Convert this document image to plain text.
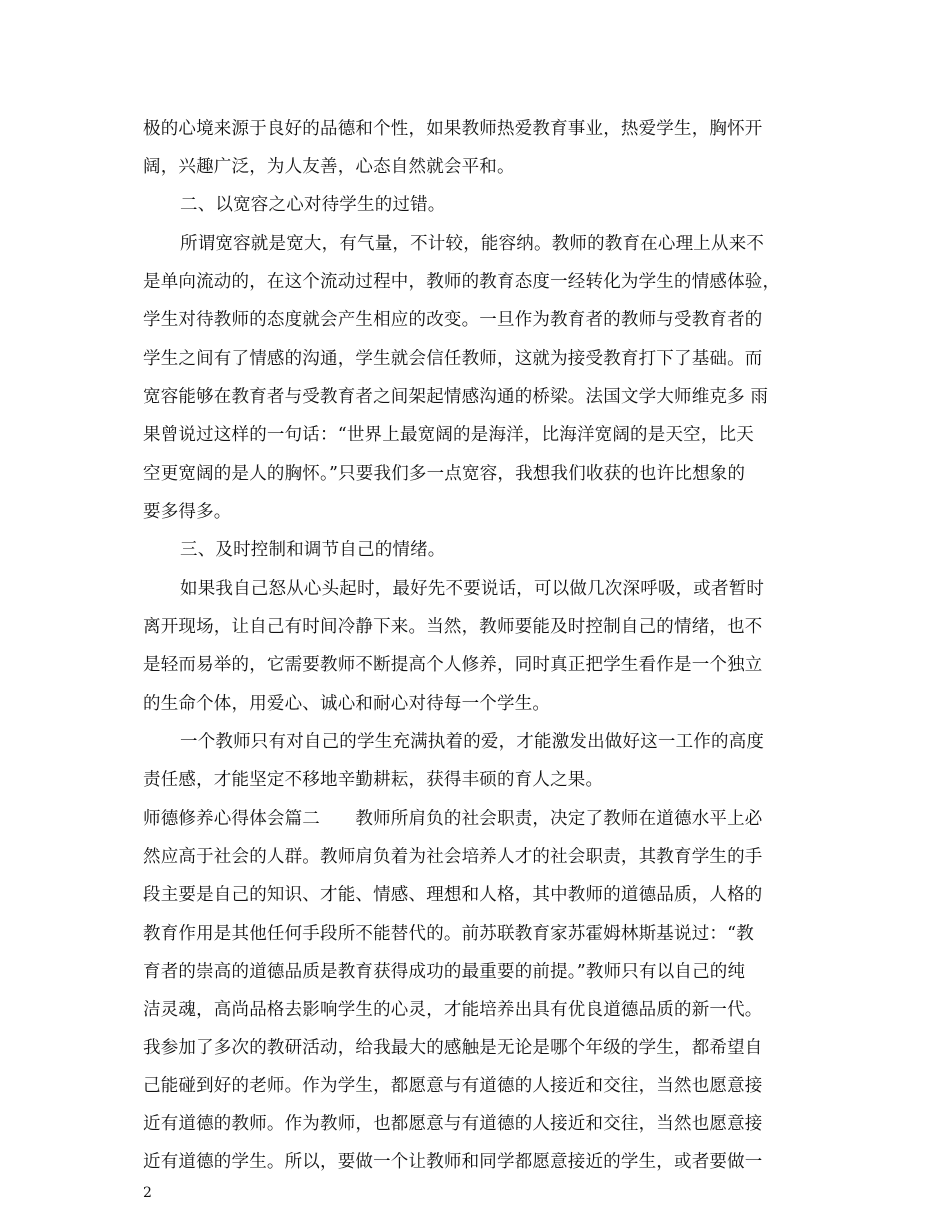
极的心境来源于良好的品德和个性，如果教师热爱教育事业，热爱学生，胸怀开
阔，兴趣广泛，为人友善，心态自然就会平和。
二、以宽容之心对待学生的过错。
所谓宽容就是宽大，有气量，不计较，能容纳。教师的教育在心理上从来不
是单向流动的，在这个流动过程中，教师的教育态度一经转化为学生的情感体验，
学生对待教师的态度就会产生相应的改变。一旦作为教育者的教师与受教育者的
学生之间有了情感的沟通，学生就会信任教师，这就为接受教育打下了基础。而
宽容能够在教育者与受教育者之间架起情感沟通的桥梁。法国文学大师维克多 雨
果曾说过这样的一句话：“世界上最宽阔的是海洋，比海洋宽阔的是天空，比天
空更宽阔的是人的胸怀。”只要我们多一点宽容，我想我们收获的也许比想象的
要多得多。
三、及时控制和调节自己的情绪。
如果我自己怒从心头起时，最好先不要说话，可以做几次深呼吸，或者暂时
离开现场，让自己有时间冷静下来。当然，教师要能及时控制自己的情绪，也不
是轻而易举的，它需要教师不断提高个人修养，同时真正把学生看作是一个独立
的生命个体，用爱心、诚心和耐心对待每一个学生。
一个教师只有对自己的学生充满执着的爱，才能激发出做好这一工作的高度
责任感，才能坚定不移地辛勤耕耘，获得丰硕的育人之果。
师德修养心得体会篇二　　教师所肩负的社会职责，决定了教师在道德水平上必
然应高于社会的人群。教师肩负着为社会培养人才的社会职责，其教育学生的手
段主要是自己的知识、才能、情感、理想和人格，其中教师的道德品质，人格的
教育作用是其他任何手段所不能替代的。前苏联教育家苏霍姆林斯基说过：“教
育者的崇高的道德品质是教育获得成功的最重要的前提。”教师只有以自己的纯
洁灵魂，高尚品格去影响学生的心灵，才能培养出具有优良道德品质的新一代。
我参加了多次的教研活动，给我最大的感触是无论是哪个年级的学生，都希望自
己能碰到好的老师。作为学生，都愿意与有道德的人接近和交往，当然也愿意接
近有道德的教师。作为教师，也都愿意与有道德的人接近和交往，当然也愿意接
近有道德的学生。所以，要做一个让教师和同学都愿意接近的学生，或者要做一
2
